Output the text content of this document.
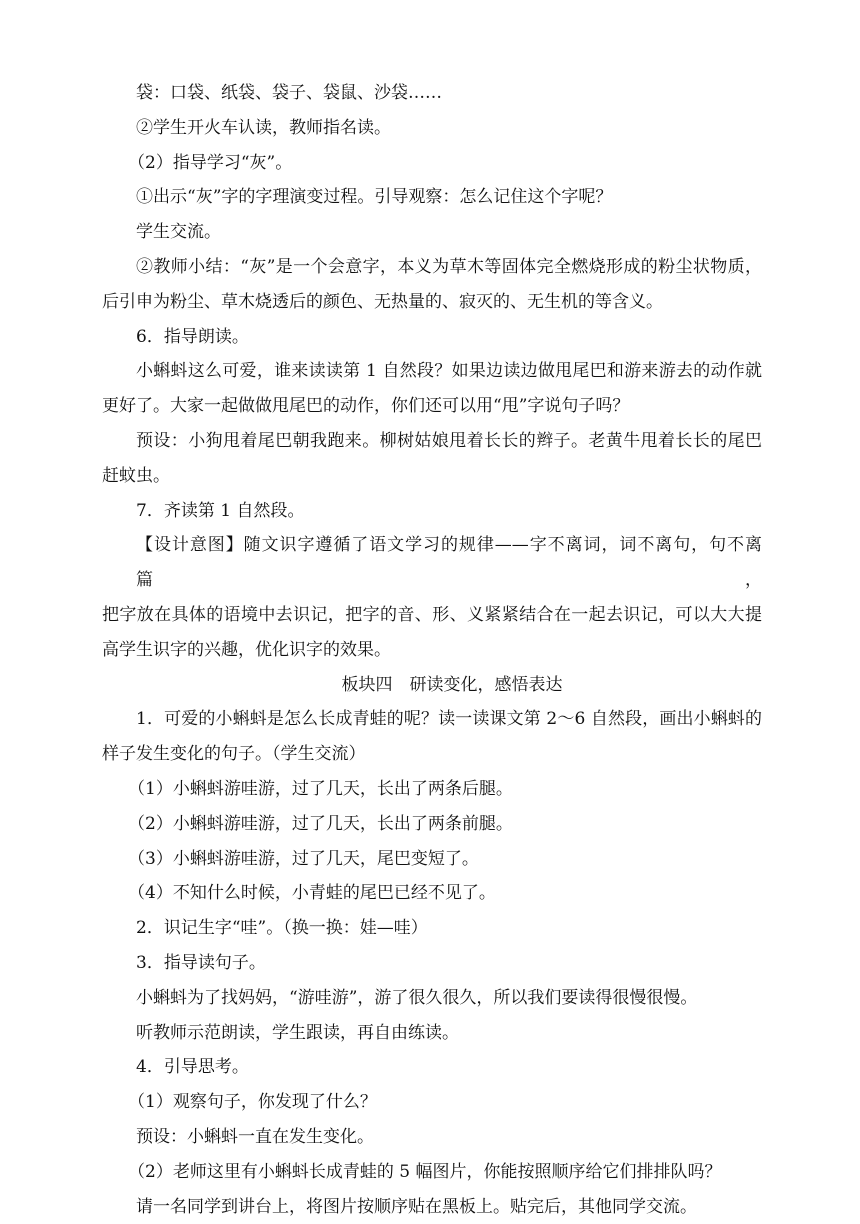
袋：口袋、纸袋、袋子、袋鼠、沙袋……
②学生开火车认读，教师指名读。
（2）指导学习“灰”。
①出示“灰”字的字理演变过程。引导观察：怎么记住这个字呢？
学生交流。
②教师小结：“灰”是一个会意字，本义为草木等固体完全燃烧形成的粉尘状物质，
后引申为粉尘、草木烧透后的颜色、无热量的、寂灭的、无生机的等含义。
6．指导朗读。
小蝌蚪这么可爱，谁来读读第 1 自然段？如果边读边做甩尾巴和游来游去的动作就
更好了。大家一起做做甩尾巴的动作，你们还可以用“甩”字说句子吗？
预设：小狗甩着尾巴朝我跑来。柳树姑娘甩着长长的辫子。老黄牛甩着长长的尾巴
赶蚊虫。
7．齐读第 1 自然段。
【设计意图】随文识字遵循了语文学习的规律——字不离词，词不离句，句不离篇，
把字放在具体的语境中去识记，把字的音、形、义紧紧结合在一起去识记，可以大大提
高学生识字的兴趣，优化识字的效果。
板块四　研读变化，感悟表达
1．可爱的小蝌蚪是怎么长成青蛙的呢？读一读课文第 2～6 自然段，画出小蝌蚪的
样子发生变化的句子。（学生交流）
（1）小蝌蚪游哇游，过了几天，长出了两条后腿。
（2）小蝌蚪游哇游，过了几天，长出了两条前腿。
（3）小蝌蚪游哇游，过了几天，尾巴变短了。
（4）不知什么时候，小青蛙的尾巴已经不见了。
2．识记生字“哇”。（换一换：娃—哇）
3．指导读句子。
小蝌蚪为了找妈妈，“游哇游”，游了很久很久，所以我们要读得很慢很慢。
听教师示范朗读，学生跟读，再自由练读。
4．引导思考。
（1）观察句子，你发现了什么？
预设：小蝌蚪一直在发生变化。
（2）老师这里有小蝌蚪长成青蛙的 5 幅图片，你能按照顺序给它们排排队吗？
请一名同学到讲台上，将图片按顺序贴在黑板上。贴完后，其他同学交流。
